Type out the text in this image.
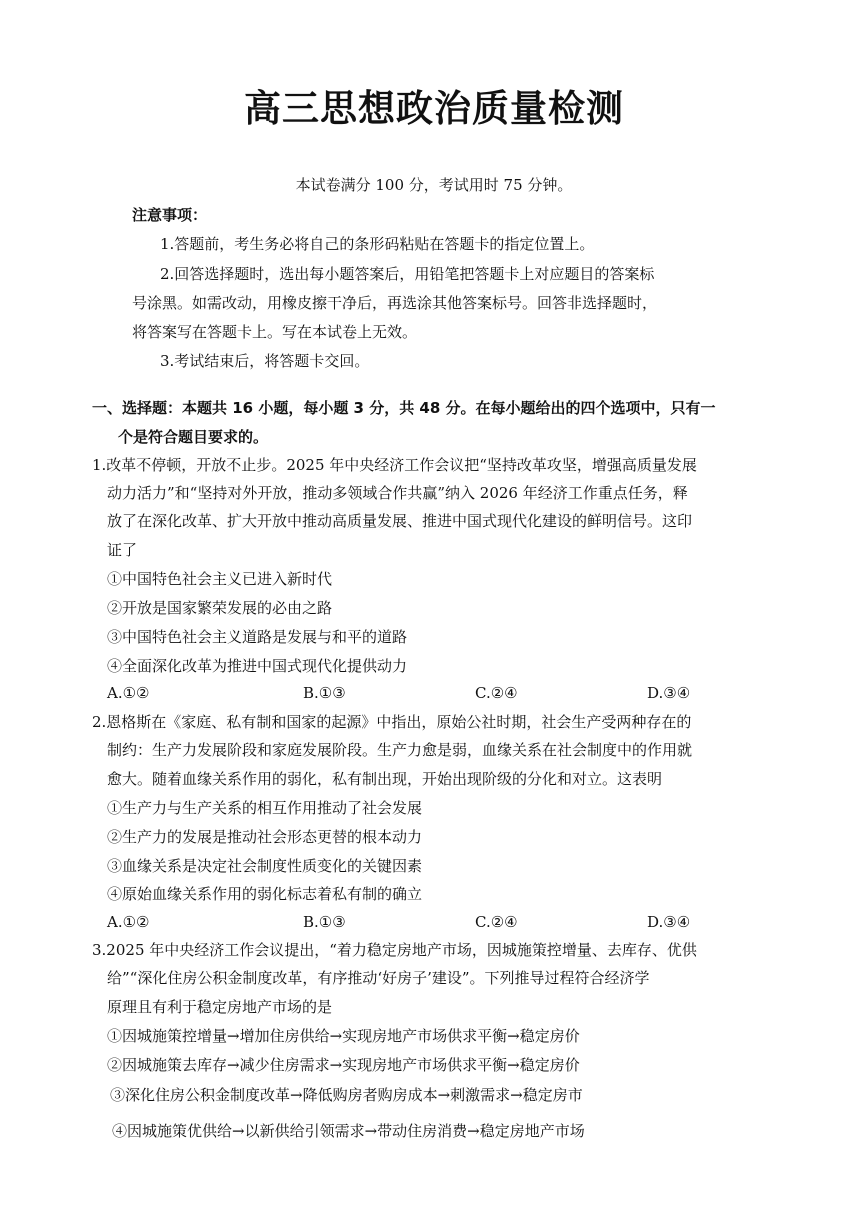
高三思想政治质量检测
本试卷满分 100 分，考试用时 75 分钟。
注意事项：
1.答题前，考生务必将自己的条形码粘贴在答题卡的指定位置上。
2.回答选择题时，选出每小题答案后，用铅笔把答题卡上对应题目的答案标
号涂黑。如需改动，用橡皮擦干净后，再选涂其他答案标号。回答非选择题时，
将答案写在答题卡上。写在本试卷上无效。
3.考试结束后，将答题卡交回。
一、选择题：本题共 16 小题，每小题 3 分，共 48 分。在每小题给出的四个选项中，只有一
个是符合题目要求的。
1.改革不停顿，开放不止步。2025 年中央经济工作会议把“坚持改革攻坚，增强高质量发展
动力活力”和“坚持对外开放，推动多领域合作共赢”纳入 2026 年经济工作重点任务，释
放了在深化改革、扩大开放中推动高质量发展、推进中国式现代化建设的鲜明信号。这印
证了
①中国特色社会主义已进入新时代
②开放是国家繁荣发展的必由之路
③中国特色社会主义道路是发展与和平的道路
④全面深化改革为推进中国式现代化提供动力
A.①②	B.①③	C.②④	D.③④
2.恩格斯在《家庭、私有制和国家的起源》中指出，原始公社时期，社会生产受两种存在的
制约：生产力发展阶段和家庭发展阶段。生产力愈是弱，血缘关系在社会制度中的作用就
愈大。随着血缘关系作用的弱化，私有制出现，开始出现阶级的分化和对立。这表明
①生产力与生产关系的相互作用推动了社会发展
②生产力的发展是推动社会形态更替的根本动力
③血缘关系是决定社会制度性质变化的关键因素
④原始血缘关系作用的弱化标志着私有制的确立
A.①②	B.①③	C.②④	D.③④
3.2025 年中央经济工作会议提出，“着力稳定房地产市场，因城施策控增量、去库存、优供
给”“深化住房公积金制度改革，有序推动‘好房子’建设”。下列推导过程符合经济学
原理且有利于稳定房地产市场的是
①因城施策控增量→增加住房供给→实现房地产市场供求平衡→稳定房价
②因城施策去库存→减少住房需求→实现房地产市场供求平衡→稳定房价
③深化住房公积金制度改革→降低购房者购房成本→刺激需求→稳定房市
④因城施策优供给→以新供给引领需求→带动住房消费→稳定房地产市场
